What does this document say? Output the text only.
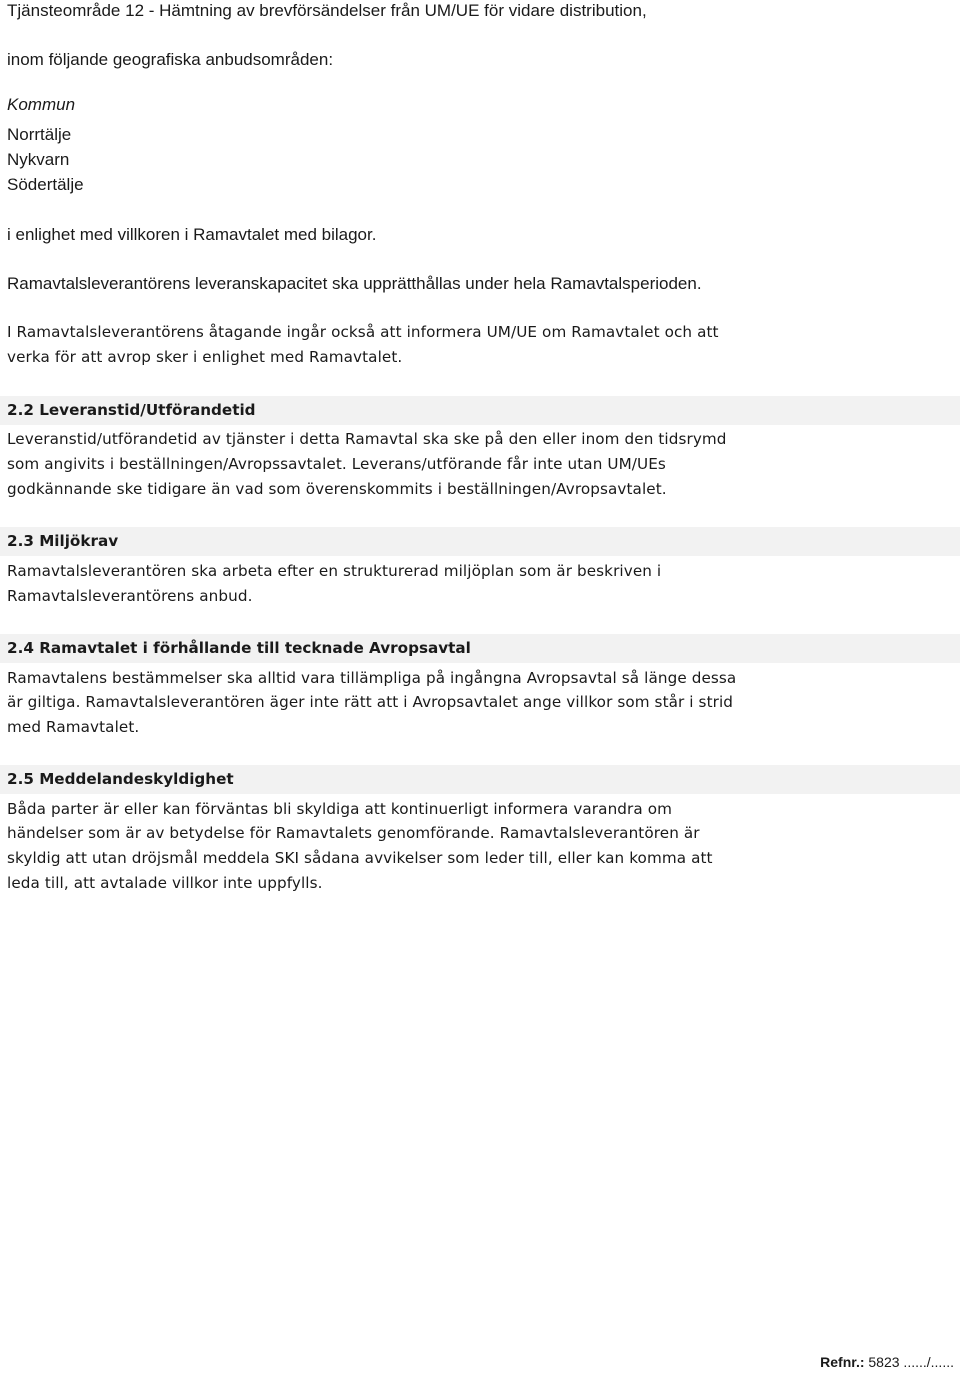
Tjänsteområde 12 - Hämtning av brevförsändelser från UM/UE för vidare distribution,
inom följande geografiska anbudsområden:
Kommun
Norrtälje
Nykvarn
Södertälje
i enlighet med villkoren i Ramavtalet med bilagor.
Ramavtalsleverantörens leveranskapacitet ska upprätthållas under hela Ramavtalsperioden.
I Ramavtalsleverantörens åtagande ingår också att informera UM/UE om Ramavtalet och att
verka för att avrop sker i enlighet med Ramavtalet.
2.2 Leveranstid/Utförandetid
Leveranstid/utförandetid av tjänster i detta Ramavtal ska ske på den eller inom den tidsrymd
som angivits i beställningen/Avropssavtalet. Leverans/utförande får inte utan UM/UEs
godkännande ske tidigare än vad som överenskommits i beställningen/Avropsavtalet.
2.3 Miljökrav
Ramavtalsleverantören ska arbeta efter en strukturerad miljöplan som är beskriven i
Ramavtalsleverantörens anbud.
2.4 Ramavtalet i förhållande till tecknade Avropsavtal
Ramavtalens bestämmelser ska alltid vara tillämpliga på ingångna Avropsavtal så länge dessa
är giltiga. Ramavtalsleverantören äger inte rätt att i Avropsavtalet ange villkor som står i strid
med Ramavtalet.
2.5 Meddelandeskyldighet
Båda parter är eller kan förväntas bli skyldiga att kontinuerligt informera varandra om
händelser som är av betydelse för Ramavtalets genomförande. Ramavtalsleverantören är
skyldig att utan dröjsmål meddela SKI sådana avvikelser som leder till, eller kan komma att
leda till, att avtalade villkor inte uppfylls.
Refnr.: 5823 ....../......
